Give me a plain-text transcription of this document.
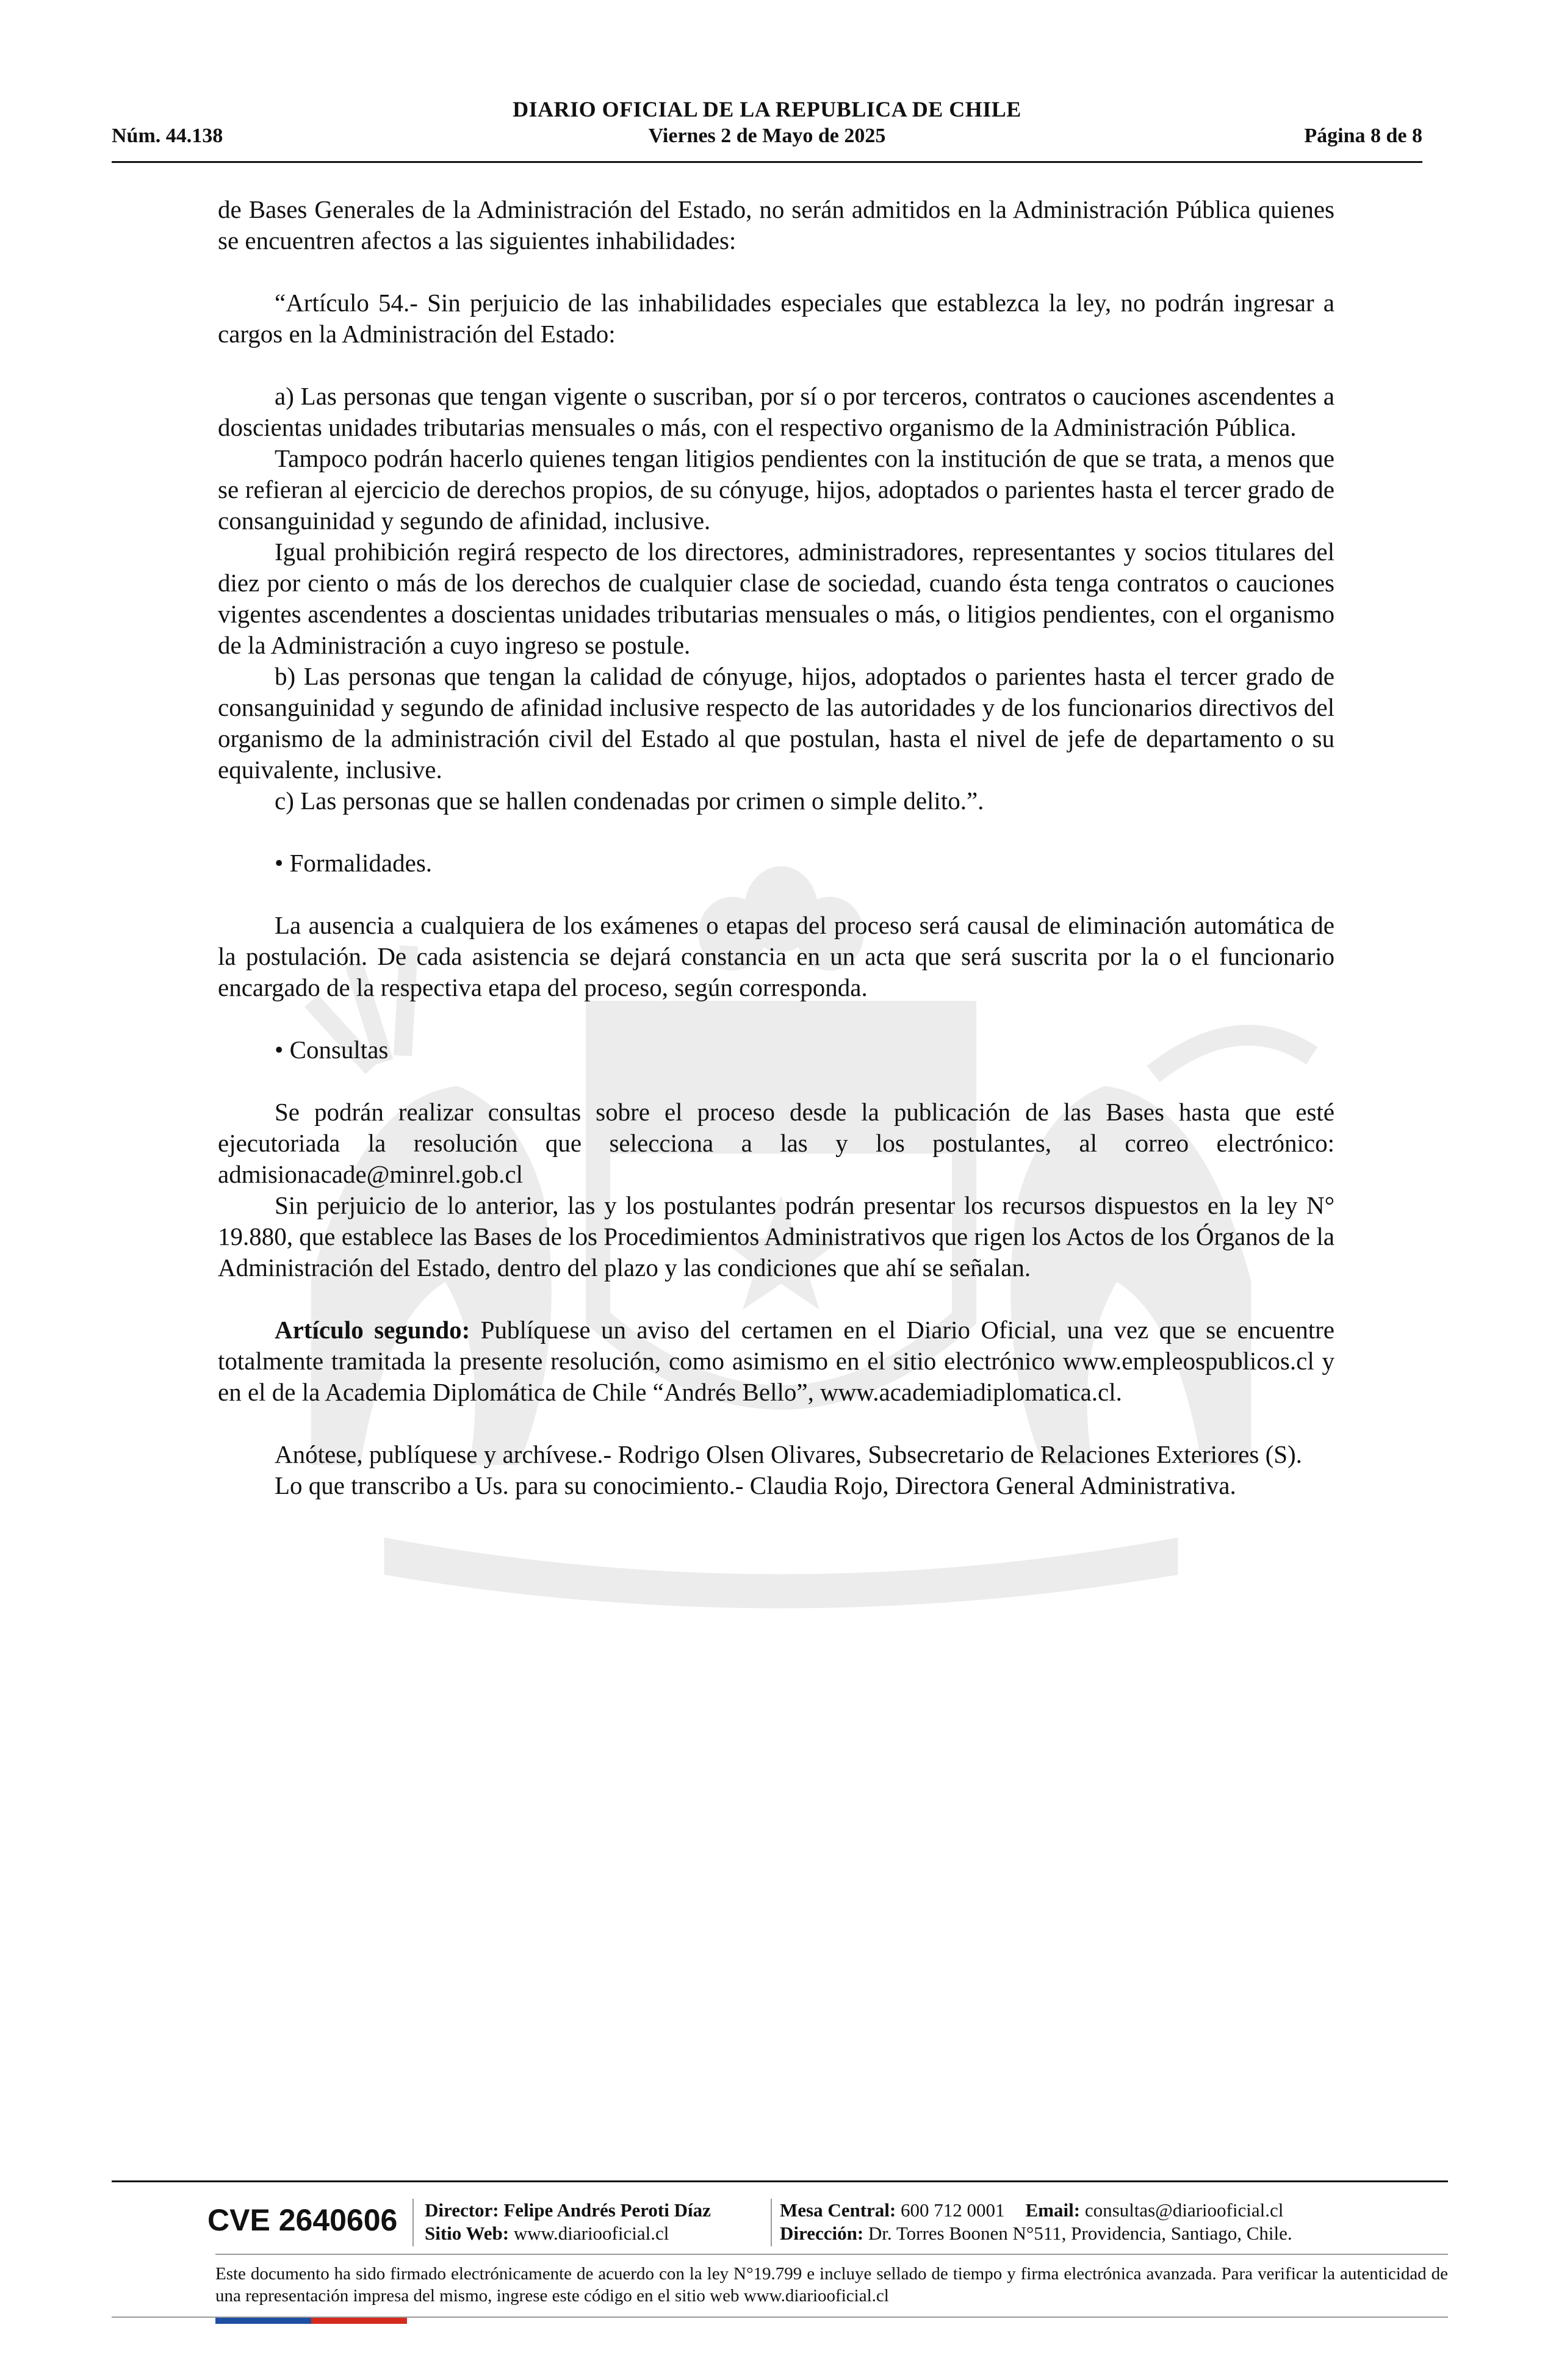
DIARIO OFICIAL DE LA REPUBLICA DE CHILE
Núm. 44.138	Viernes 2 de Mayo de 2025	Página 8 de 8

de Bases Generales de la Administración del Estado, no serán admitidos en la Administración Pública quienes se encuentren afectos a las siguientes inhabilidades:

“Artículo 54.- Sin perjuicio de las inhabilidades especiales que establezca la ley, no podrán ingresar a cargos en la Administración del Estado:

a) Las personas que tengan vigente o suscriban, por sí o por terceros, contratos o cauciones ascendentes a doscientas unidades tributarias mensuales o más, con el respectivo organismo de la Administración Pública.

Tampoco podrán hacerlo quienes tengan litigios pendientes con la institución de que se trata, a menos que se refieran al ejercicio de derechos propios, de su cónyuge, hijos, adoptados o parientes hasta el tercer grado de consanguinidad y segundo de afinidad, inclusive.

Igual prohibición regirá respecto de los directores, administradores, representantes y socios titulares del diez por ciento o más de los derechos de cualquier clase de sociedad, cuando ésta tenga contratos o cauciones vigentes ascendentes a doscientas unidades tributarias mensuales o más, o litigios pendientes, con el organismo de la Administración a cuyo ingreso se postule.

b) Las personas que tengan la calidad de cónyuge, hijos, adoptados o parientes hasta el tercer grado de consanguinidad y segundo de afinidad inclusive respecto de las autoridades y de los funcionarios directivos del organismo de la administración civil del Estado al que postulan, hasta el nivel de jefe de departamento o su equivalente, inclusive.

c) Las personas que se hallen condenadas por crimen o simple delito.”.

• Formalidades.

La ausencia a cualquiera de los exámenes o etapas del proceso será causal de eliminación automática de la postulación. De cada asistencia se dejará constancia en un acta que será suscrita por la o el funcionario encargado de la respectiva etapa del proceso, según corresponda.

• Consultas

Se podrán realizar consultas sobre el proceso desde la publicación de las Bases hasta que esté ejecutoriada la resolución que selecciona a las y los postulantes, al correo electrónico: admisionacade@minrel.gob.cl

Sin perjuicio de lo anterior, las y los postulantes podrán presentar los recursos dispuestos en la ley N° 19.880, que establece las Bases de los Procedimientos Administrativos que rigen los Actos de los Órganos de la Administración del Estado, dentro del plazo y las condiciones que ahí se señalan.

Artículo segundo: Publíquese un aviso del certamen en el Diario Oficial, una vez que se encuentre totalmente tramitada la presente resolución, como asimismo en el sitio electrónico www.empleospublicos.cl y en el de la Academia Diplomática de Chile “Andrés Bello”, www.academiadiplomatica.cl.

Anótese, publíquese y archívese.- Rodrigo Olsen Olivares, Subsecretario de Relaciones Exteriores (S).

Lo que transcribo a Us. para su conocimiento.- Claudia Rojo, Directora General Administrativa.

CVE 2640606 Director: Felipe Andrés Peroti Díaz
Sitio Web: www.diariooficial.cl
Mesa Central: 600 712 0001 Email: consultas@diariooficial.cl
Dirección: Dr. Torres Boonen N°511, Providencia, Santiago, Chile.
Este documento ha sido firmado electrónicamente de acuerdo con la ley N°19.799 e incluye sellado de tiempo y firma electrónica avanzada. Para verificar la autenticidad de una representación impresa del mismo, ingrese este código en el sitio web www.diariooficial.cl
